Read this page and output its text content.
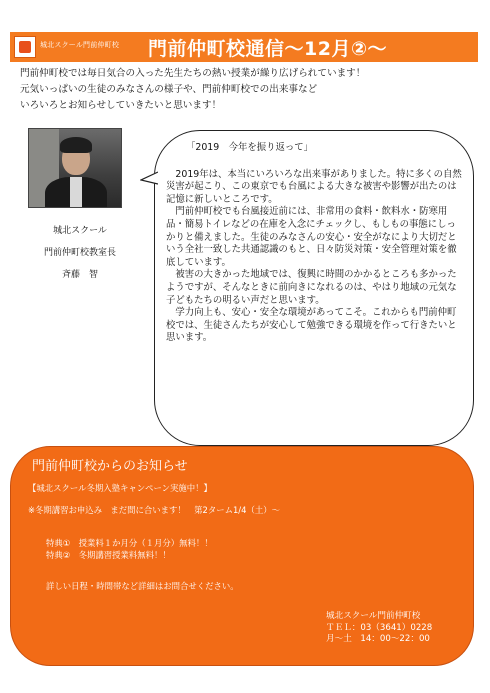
城北スクール門前仲町校 門前仲町校通信～12月②～

門前仲町校では毎日気合の入った先生たちの熱い授業が繰り広げられています！

元気いっぱいの生徒のみなさんの様子や、門前仲町校での出来事など

いろいろとお知らせしていきたいと思います！

城北スクール
門前仲町校教室長
斉藤　智
「2019　今年を振り返って」

2019年は、本当にいろいろな出来事がありました。特に多くの自然災害が起こり、この東京でも台風による大きな被害や影響が出たのは記憶に新しいところです。

門前仲町校でも台風接近前には、非常用の食料・飲料水・防寒用品・簡易トイレなどの在庫を入念にチェックし、もしもの事態にしっかりと備えました。生徒のみなさんの安心・安全がなにより大切だという全社一致した共通認識のもと、日々防災対策・安全管理対策を徹底しています。

被害の大きかった地域では、復興に時間のかかるところも多かったようですが、そんなときに前向きになれるのは、やはり地域の元気な子どもたちの明るい声だと思います。

学力向上も、安心・安全な環境があってこそ。これからも門前仲町校では、生徒さんたちが安心して勉強できる環境を作って行きたいと思います。

門前仲町校からのお知らせ
【城北スクール冬期入塾キャンペーン実施中！】
※冬期講習お申込み　まだ間に合います！　第2ターム1/4（土）～
特典①　授業料１か月分（１月分）無料！！
特典②　冬期講習授業料無料！！
詳しい日程・時間帯など詳細はお問合せください。
城北スクール門前仲町校
ＴＥＬ：03（3641）0228
月～土　14：00～22：00
